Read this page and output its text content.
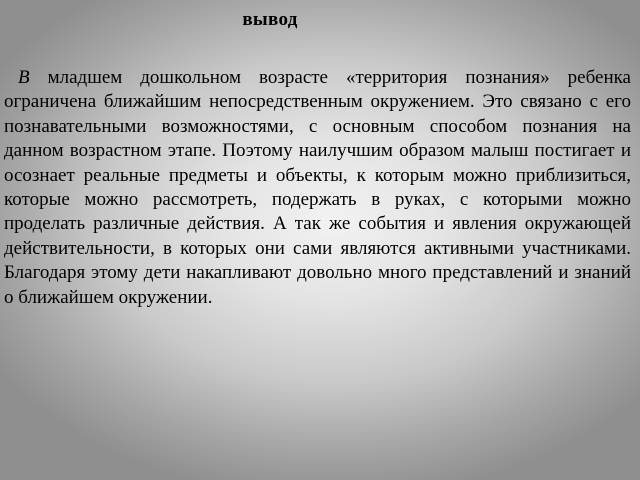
вывод

В младшем дошкольном возрасте «территория познания» ребенка ограничена ближайшим непосредственным окружением. Это связано с его познавательными возможностями, с основным способом познания на данном возрастном этапе. Поэтому наилучшим образом малыш постигает и осознает реальные предметы и объекты, к которым можно приблизиться, которые можно рассмотреть, подержать в руках, с которыми можно проделать различные действия. А так же события и явления окружающей действительности, в которых они сами являются активными участниками. Благодаря этому дети накапливают довольно много представлений и знаний о ближайшем окружении.
